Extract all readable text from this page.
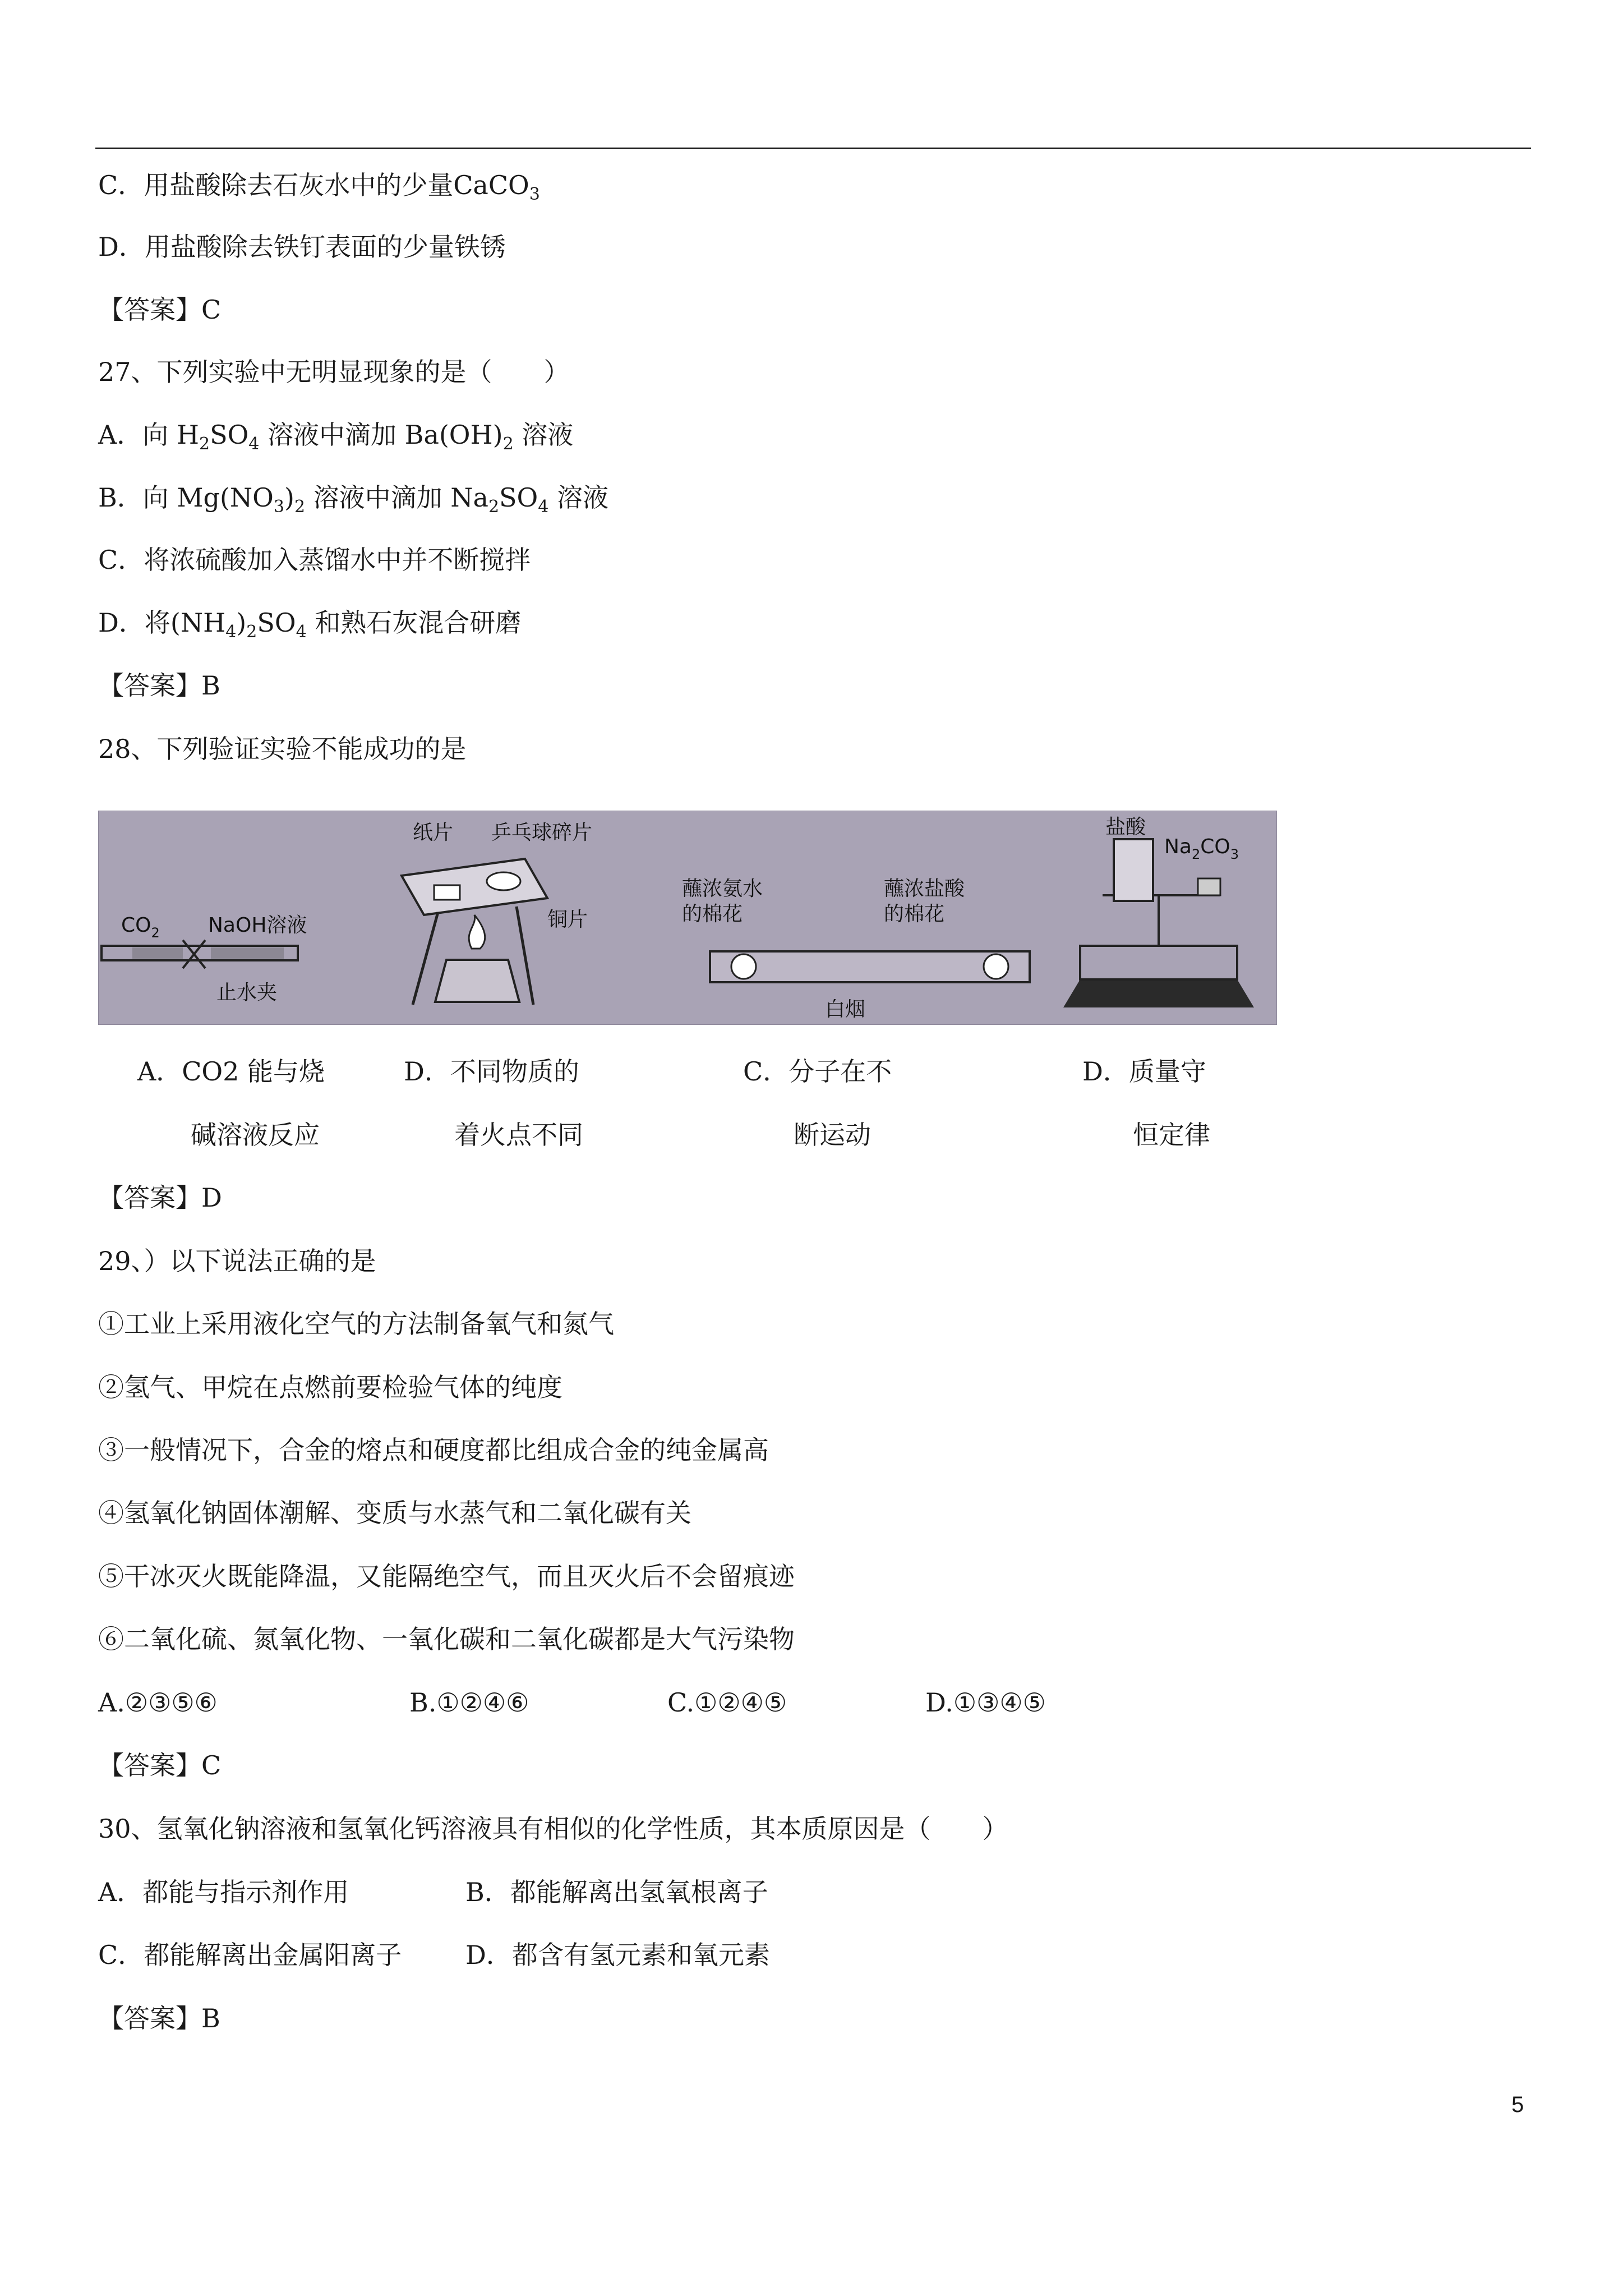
C．用盐酸除去石灰水中的少量CaCO$_3$
D．用盐酸除去铁钉表面的少量铁锈
【答案】C
27、下列实验中无明显现象的是（　　）
A．向 $H_2SO_4$ 溶液中滴加 $Ba(OH)_2$ 溶液
B．向 $Mg(NO_3)_2$ 溶液中滴加 $Na_2SO_4$ 溶液
C．将浓硫酸加入蒸馏水中并不断搅拌
D．将$(NH_4)_2SO_4$ 和熟石灰混合研磨
【答案】B
28、下列验证实验不能成功的是
$CO_2$ NaOH溶液
止水夹
纸片 乒乓球碎片
铜片
蘸浓氨水
的棉花
蘸浓盐酸
的棉花
白烟
盐酸
$Na_2CO_3$
A．CO2 能与烧	D．不同物质的	C．分子在不	D．质量守
碱溶液反应	着火点不同	断运动	恒定律
【答案】D
29、）以下说法正确的是
①工业上采用液化空气的方法制备氧气和氮气
②氢气、甲烷在点燃前要检验气体的纯度
③一般情况下，合金的熔点和硬度都比组成合金的纯金属高
④氢氧化钠固体潮解、变质与水蒸气和二氧化碳有关
⑤干冰灭火既能降温，又能隔绝空气，而且灭火后不会留痕迹
⑥二氧化硫、氮氧化物、一氧化碳和二氧化碳都是大气污染物
A.②③⑤⑥	B.①②④⑥	C.①②④⑤	D.①③④⑤
【答案】C
30、氢氧化钠溶液和氢氧化钙溶液具有相似的化学性质，其本质原因是（　　）
A．都能与指示剂作用	B．都能解离出氢氧根离子
C．都能解离出金属阳离子 D．都含有氢元素和氧元素
【答案】B
5
